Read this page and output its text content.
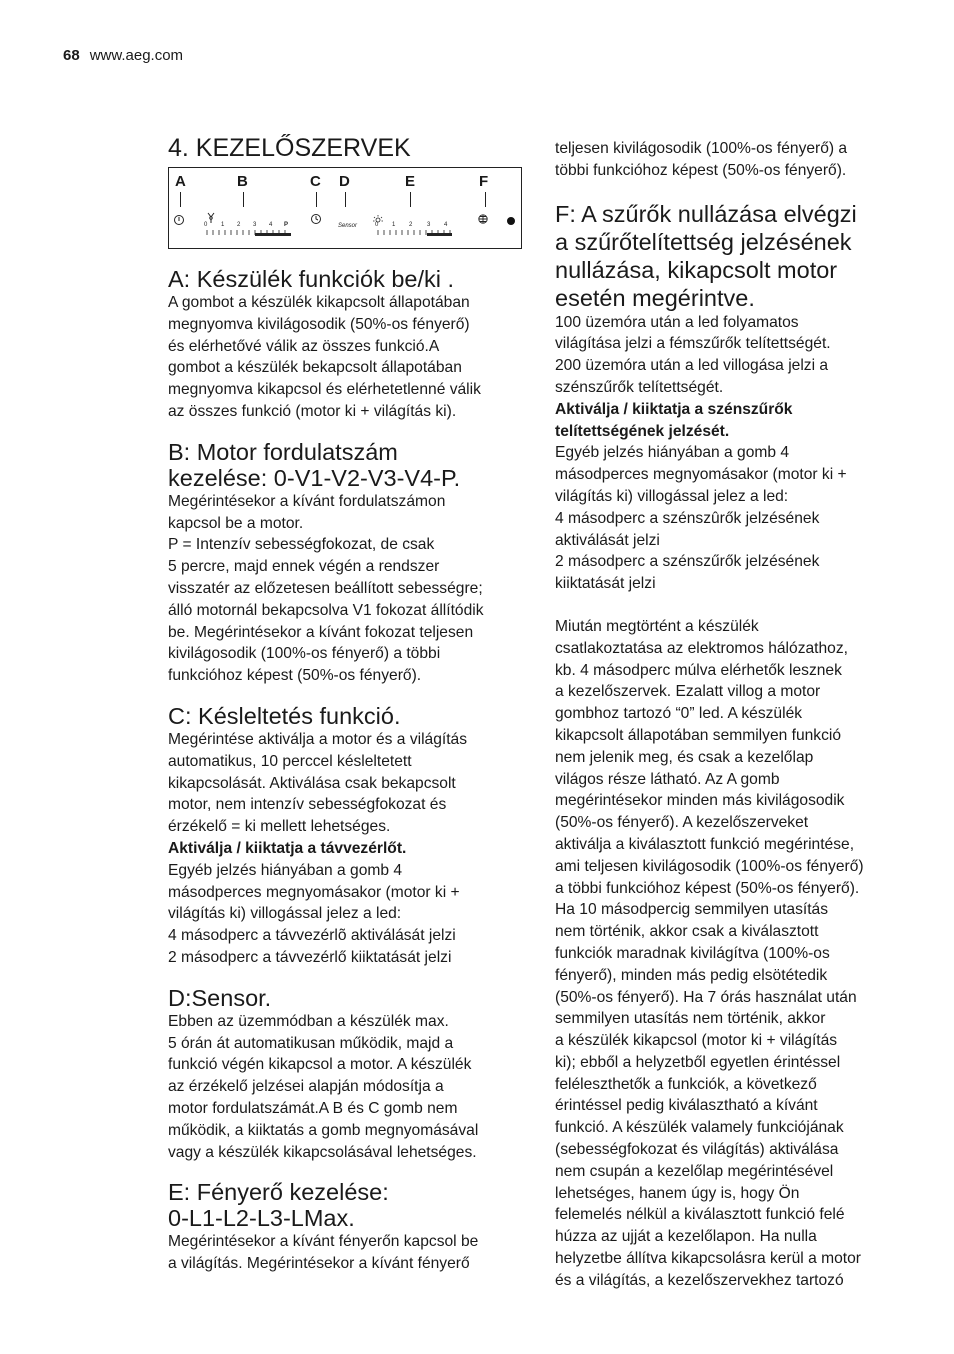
68 www.aeg.com
4. KEZELŐSZERVEK
A	B	C D	E	F
0 1 2 3 4 P	0 1 2 3 4
Sensor
A: Készülék funkciók be/ki .

A gombot a készülék kikapcsolt állapotában
megnyomva kivilágosodik (50%-os fényerő)
és elérhetővé válik az összes funkció.A
gombot a készülék bekapcsolt állapotában
megnyomva kikapcsol és elérhetetlenné válik
az összes funkció (motor ki + világítás ki).

B: Motor fordulatszám
kezelése: 0-V1-V2-V3-V4-P.

Megérintésekor a kívánt fordulatszámon
kapcsol be a motor.
P = Intenzív sebességfokozat, de csak
5 percre, majd ennek végén a rendszer
visszatér az előzetesen beállított sebességre;
álló motornál bekapcsolva V1 fokozat állítódik
be. Megérintésekor a kívánt fokozat teljesen
kivilágosodik (100%-os fényerő) a többi
funkcióhoz képest (50%-os fényerő).

C: Késleltetés funkció.

Megérintése aktiválja a motor és a világítás
automatikus, 10 perccel késleltetett
kikapcsolását. Aktiválása csak bekapcsolt
motor, nem intenzív sebességfokozat és
érzékelő = ki mellett lehetséges.

Aktiválja / kiiktatja a távvezérlőt.

Egyéb jelzés hiányában a gomb 4
másodperces megnyomásakor (motor ki +
világítás ki) villogással jelez a led:
4 másodperc a távvezérlõ aktiválását jelzi
2 másodperc a távvezérlő kiiktatását jelzi

D:Sensor.

Ebben az üzemmódban a készülék max.
5 órán át automatikusan működik, majd a
funkció végén kikapcsol a motor. A készülék
az érzékelő jelzései alapján módosítja a
motor fordulatszámát.A B és C gomb nem
működik, a kiiktatás a gomb megnyomásával
vagy a készülék kikapcsolásával lehetséges.

E: Fényerő kezelése:
0-L1-L2-L3-LMax.

Megérintésekor a kívánt fényerőn kapcsol be
a világítás. Megérintésekor a kívánt fényerő

teljesen kivilágosodik (100%-os fényerő) a
többi funkcióhoz képest (50%-os fényerő).

F: A szűrők nullázása elvégzi
a szűrőtelítettség jelzésének
nullázása, kikapcsolt motor
esetén megérintve.

100 üzemóra után a led folyamatos
világítása jelzi a fémszűrők telítettségét.
200 üzemóra után a led villogása jelzi a
szénszűrők telítettségét.

Aktiválja / kiiktatja a szénszűrők
telítettségének jelzését.

Egyéb jelzés hiányában a gomb 4
másodperces megnyomásakor (motor ki +
világítás ki) villogással jelez a led:
4 másodperc a szénszûrők jelzésének
aktiválását jelzi
2 másodperc a szénszűrők jelzésének
kiiktatását jelzi

Miután megtörtént a készülék
csatlakoztatása az elektromos hálózathoz,
kb. 4 másodperc múlva elérhetők lesznek
a kezelőszervek. Ezalatt villog a motor
gombhoz tartozó “0” led. A készülék
kikapcsolt állapotában semmilyen funkció
nem jelenik meg, és csak a kezelőlap
világos része látható. Az A gomb
megérintésekor minden más kivilágosodik
(50%-os fényerő). A kezelőszerveket
aktiválja a kiválasztott funkció megérintése,
ami teljesen kivilágosodik (100%-os fényerő)
a többi funkcióhoz képest (50%-os fényerő).
Ha 10 másodpercig semmilyen utasítás
nem történik, akkor csak a kiválasztott
funkciók maradnak kivilágítva (100%-os
fényerő), minden más pedig elsötétedik
(50%-os fényerő). Ha 7 órás használat után
semmilyen utasítás nem történik, akkor
a készülék kikapcsol (motor ki + világítás
ki); ebből a helyzetből egyetlen érintéssel
feléleszthetők a funkciók, a következő
érintéssel pedig kiválasztható a kívánt
funkció. A készülék valamely funkciójának
(sebességfokozat és világítás) aktiválása
nem csupán a kezelőlap megérintésével
lehetséges, hanem úgy is, hogy Ön
felemelés nélkül a kiválasztott funkció felé
húzza az ujját a kezelőlapon. Ha nulla
helyzetbe állítva kikapcsolásra kerül a motor
és a világítás, a kezelőszervekhez tartozó
